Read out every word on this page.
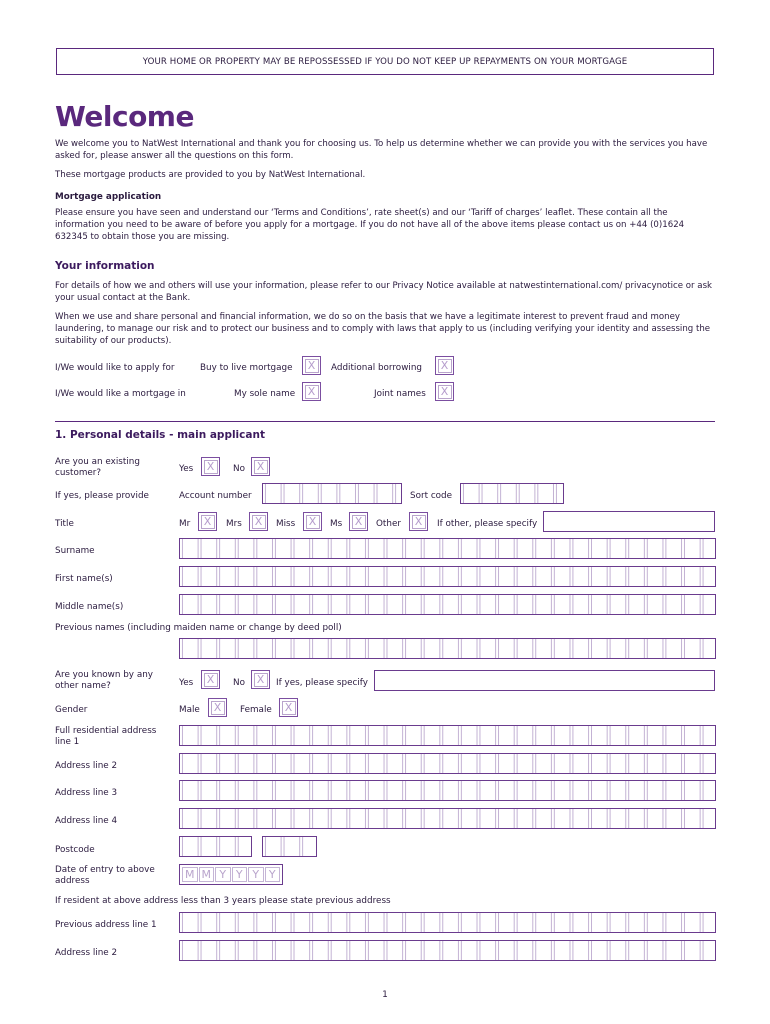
YOUR HOME OR PROPERTY MAY BE REPOSSESSED IF YOU DO NOT KEEP UP REPAYMENTS ON YOUR MORTGAGE
Welcome
We welcome you to NatWest International and thank you for choosing us. To help us determine whether we can provide you with the services you have asked for, please answer all the questions on this form.
These mortgage products are provided to you by NatWest International.
Mortgage application
Please ensure you have seen and understand our ‘Terms and Conditions’, rate sheet(s) and our ‘Tariff of charges’ leaflet. These contain all the information you need to be aware of before you apply for a mortgage. If you do not have all of the above items please contact us on +44 (0)1624 632345 to obtain those you are missing.
Your information
For details of how we and others will use your information, please refer to our Privacy Notice available at natwestinternational.com/ privacynotice or ask your usual contact at the Bank.
When we use and share personal and financial information, we do so on the basis that we have a legitimate interest to prevent fraud and money laundering, to manage our risk and to protect our business and to comply with laws that apply to us (including verifying your identity and assessing the suitability of our products).
I/We would like to apply for	Buy to live mortgage X	Additional borrowing X
I/We would like a mortgage in	My sole name X	Joint names X
1. Personal details - main applicant
Are you an existing customer?	Yes X	No X
If yes, please provide	Account number	Sort code
Title	Mr X	Mrs X	Miss X	Ms X	Other X	If other, please specify
Surname
First name(s)
Middle name(s)
Previous names (including maiden name or change by deed poll)
Are you known by any other name?	Yes X	No X	If yes, please specify
Gender	Male X	Female X
Full residential address line 1
Address line 2
Address line 3
Address line 4
Postcode
Date of entry to above address	M M Y Y Y Y
If resident at above address less than 3 years please state previous address
Previous address line 1
Address line 2
1
